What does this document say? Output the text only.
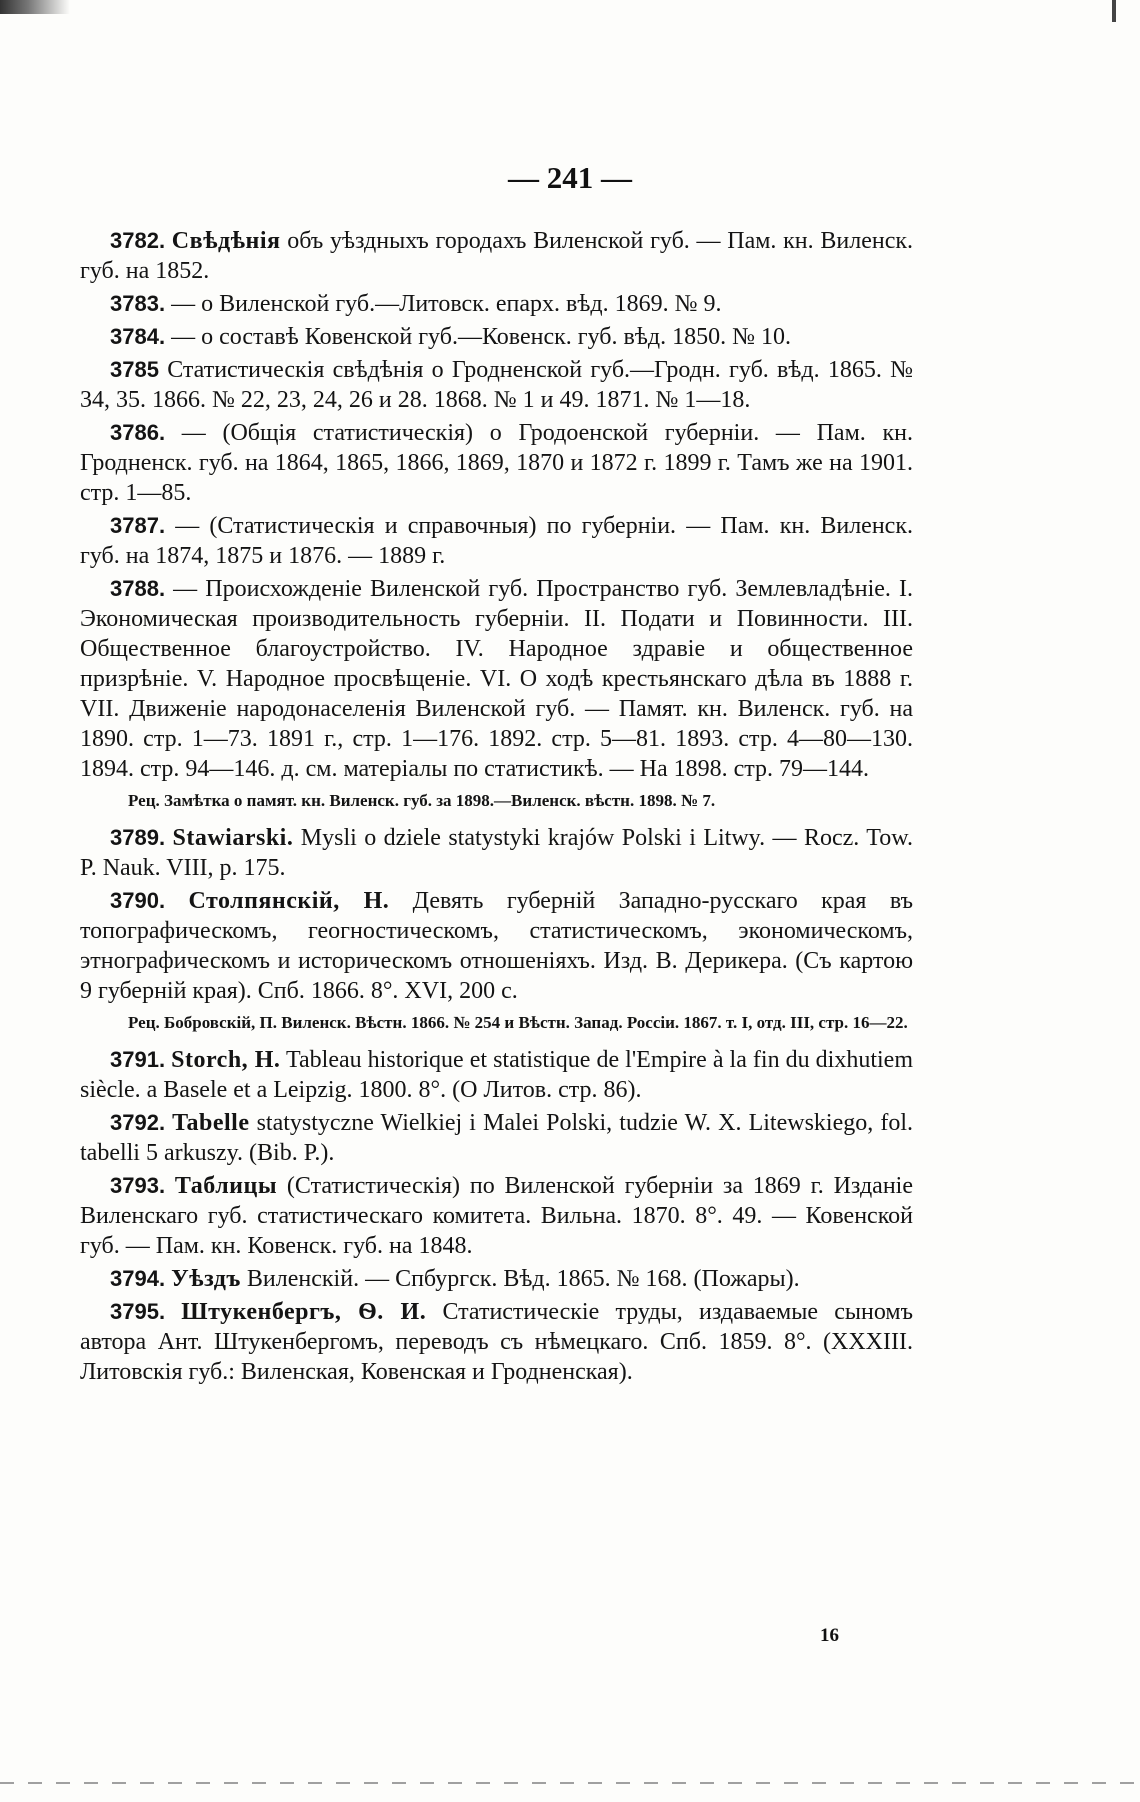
— 241 —

3782. Свѣдѣнія объ уѣздныхъ городахъ Виленской губ. — Пам. кн. Виленск. губ. на 1852.

3783. — о Виленской губ.—Литовск. епарх. вѣд. 1869. № 9.

3784. — о составѣ Ковенской губ.—Ковенск. губ. вѣд. 1850. № 10.

3785 Статистическія свѣдѣнія о Гродненской губ.—Гродн. губ. вѣд. 1865. № 34, 35. 1866. № 22, 23, 24, 26 и 28. 1868. № 1 и 49. 1871. № 1—18.

3786. — (Общія статистическія) о Гродоенской губерніи. — Пам. кн. Гродненск. губ. на 1864, 1865, 1866, 1869, 1870 и 1872 г. 1899 г. Тамъ же на 1901. стр. 1—85.

3787. — (Статистическія и справочныя) по губерніи. — Пам. кн. Виленск. губ. на 1874, 1875 и 1876. — 1889 г.

3788. — Происхожденіе Виленской губ. Пространство губ. Землевладѣніе. I. Экономическая производительность губерніи. II. Подати и Повинности. III. Общественное благоустройство. IV. Народное здравіе и общественное призрѣніе. V. Народное просвѣщеніе. VI. О ходѣ крестьянскаго дѣла въ 1888 г. VII. Движеніе народонаселенія Виленской губ. — Памят. кн. Виленск. губ. на 1890. стр. 1—73. 1891 г., стр. 1—176. 1892. стр. 5—81. 1893. стр. 4—80—130. 1894. стр. 94—146. д. см. матеріалы по статистикѣ. — На 1898. стр. 79—144.

Рец. Замѣтка о памят. кн. Виленск. губ. за 1898.—Виленск. вѣстн. 1898. № 7.

3789. Stawiarski. Mysli o dziele statystyki krajów Polski i Litwy. — Rocz. Tow. P. Nauk. VIII, p. 175.

3790. Столпянскій, Н. Девять губерній Западно-русскаго края въ топографическомъ, геогностическомъ, статистическомъ, экономическомъ, этнографическомъ и историческомъ отношеніяхъ. Изд. В. Дерикера. (Съ картою 9 губерній края). Спб. 1866. 8°. XVI, 200 с.

Рец. Бобровскій, П. Виленск. Вѣстн. 1866. № 254 и Вѣстн. Запад. Россіи. 1867. т. I, отд. III, стр. 16—22.

3791. Storch, H. Tableau historique et statistique de l'Empire à la fin du dixhutiem siècle. a Basele et a Leipzig. 1800. 8°. (О Литов. стр. 86).

3792. Tabelle statystyczne Wielkiej i Malei Polski, tudzie W. X. Litewskiego, fol. tabelli 5 arkuszy. (Bib. P.).

3793. Таблицы (Статистическія) по Виленской губерніи за 1869 г. Изданіе Виленскаго губ. статистическаго комитета. Вильна. 1870. 8°. 49. — Ковенской губ. — Пам. кн. Ковенск. губ. на 1848.

3794. Уѣздъ Виленскій. — Спбургск. Вѣд. 1865. № 168. (Пожары).

3795. Штукенбергъ, Ѳ. И. Статистическіе труды, издаваемые сыномъ автора Ант. Штукенбергомъ, переводъ съ нѣмецкаго. Спб. 1859. 8°. (XXXIII. Литовскія губ.: Виленская, Ковенская и Гродненская).

16
